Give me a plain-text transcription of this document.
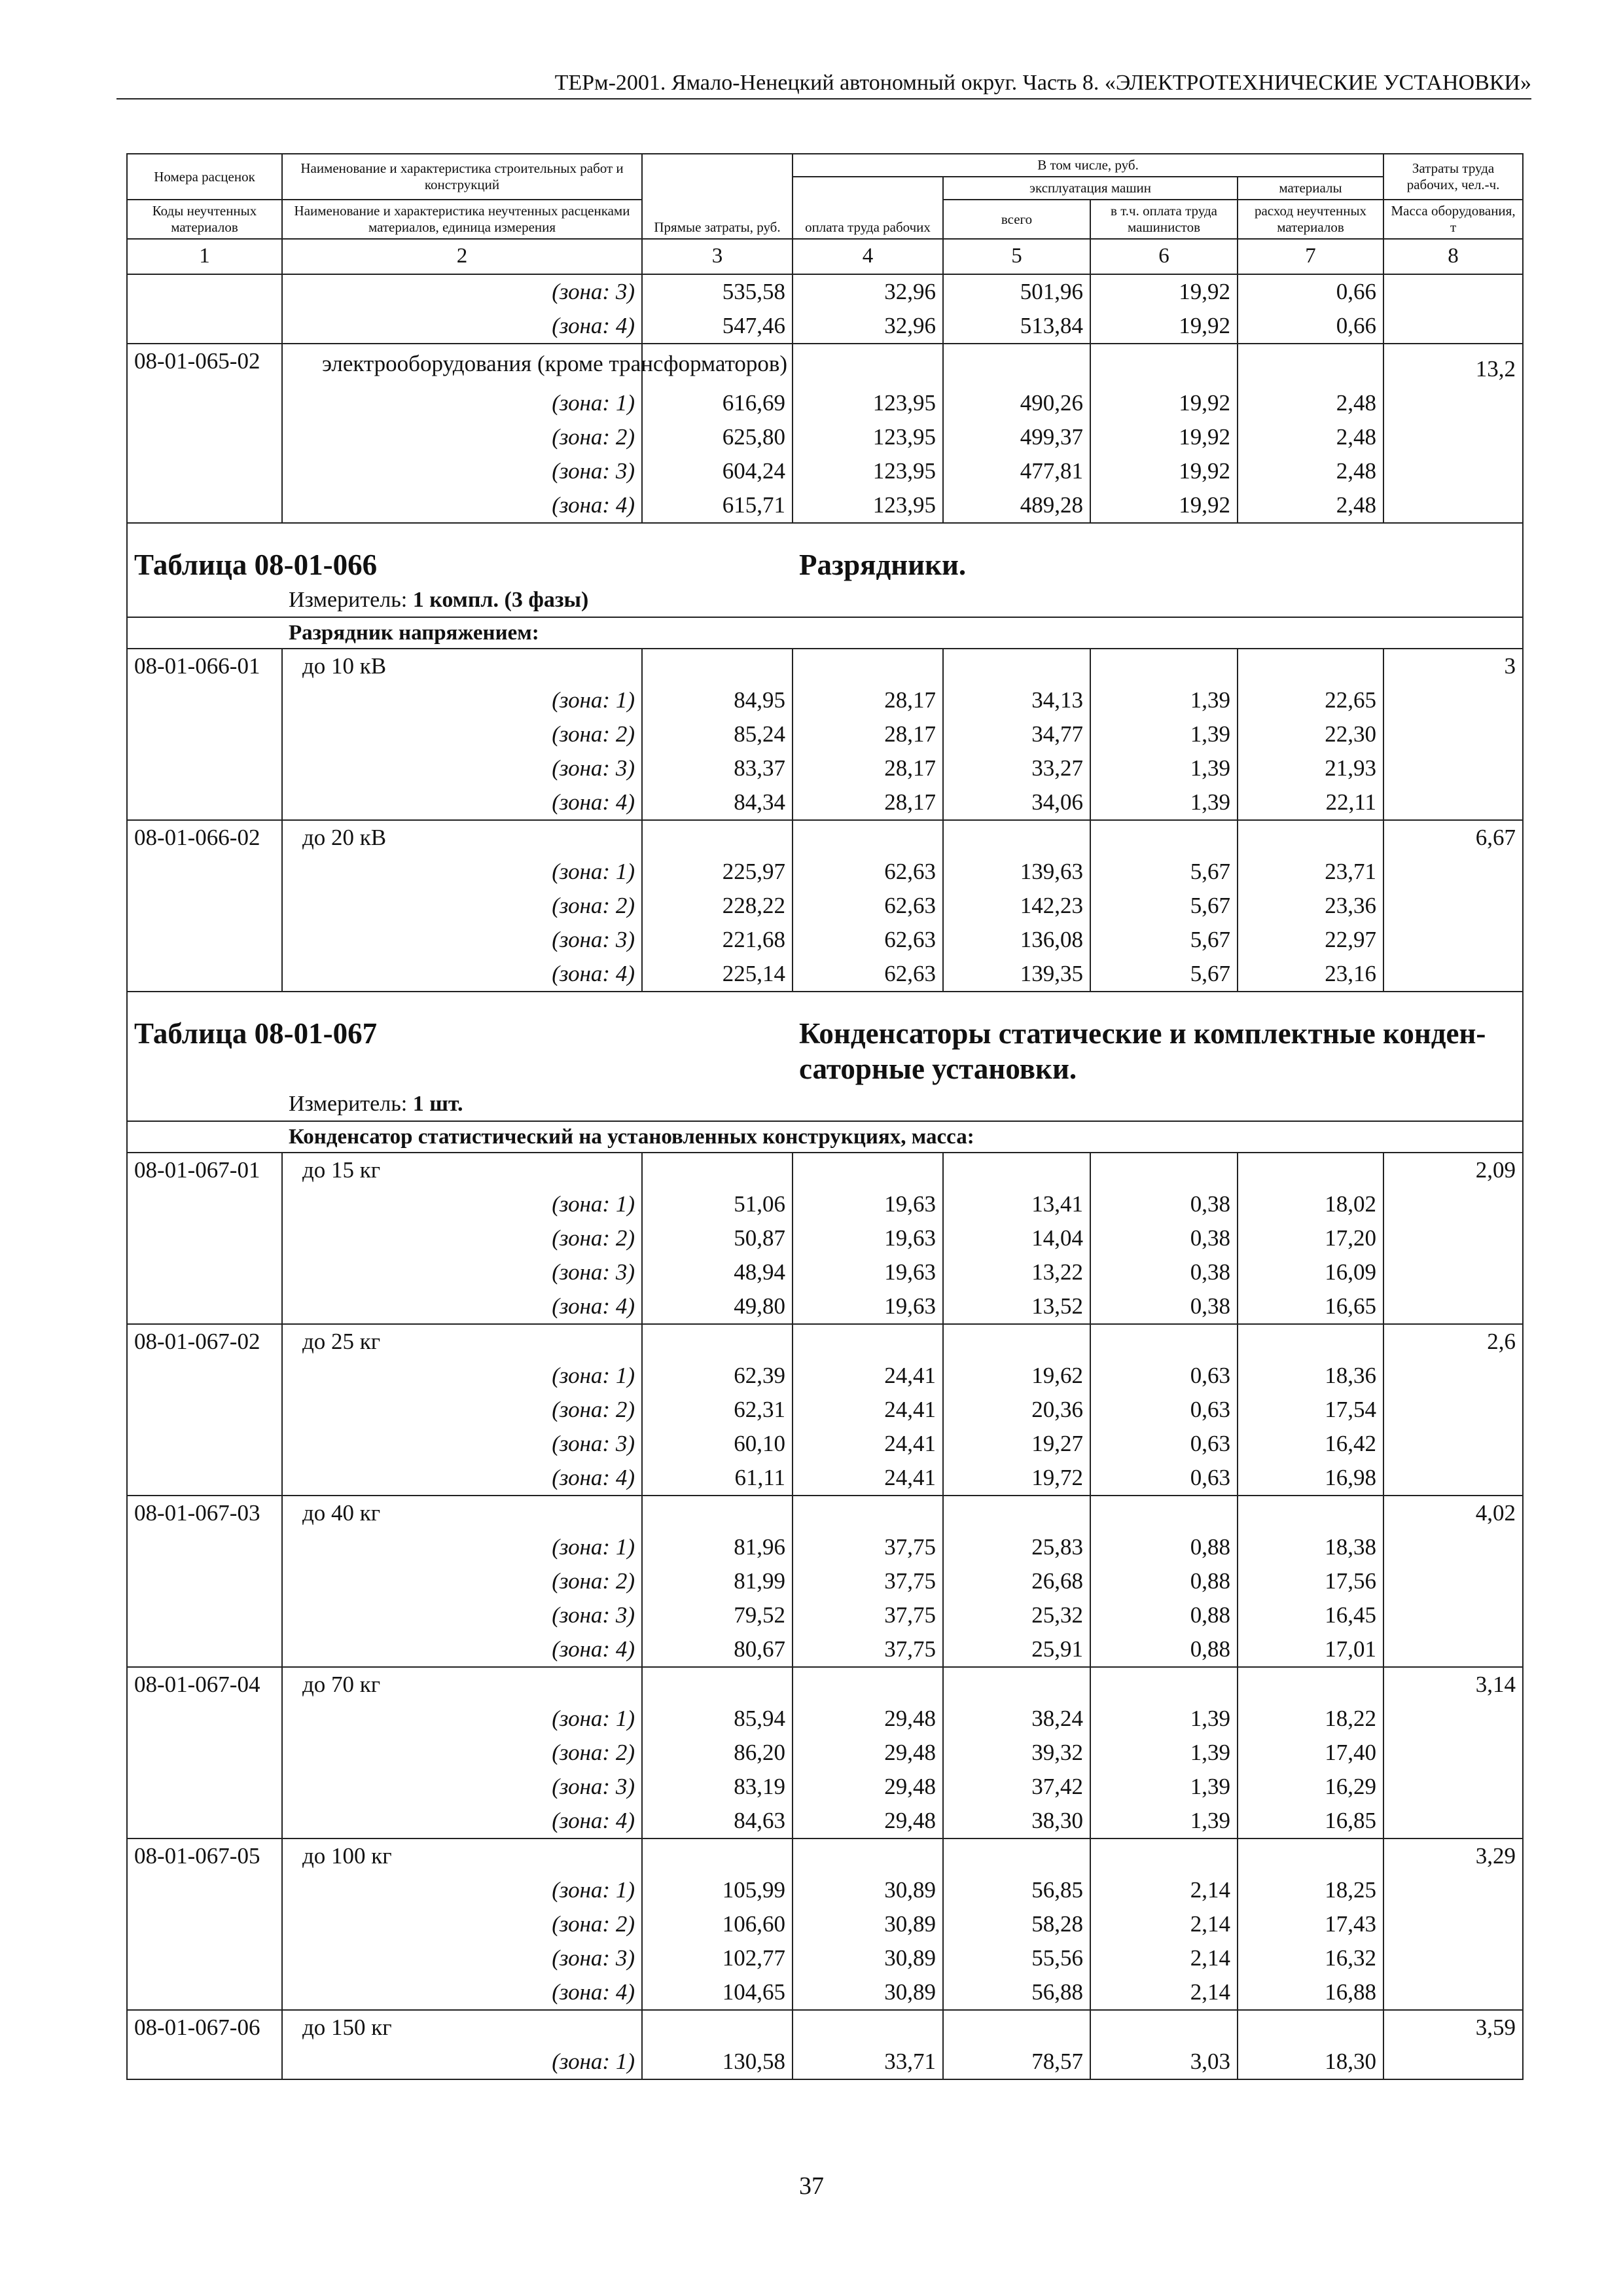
ТЕРм-2001. Ямало-Ненецкий автономный округ. Часть 8. «ЭЛЕКТРОТЕХНИЧЕСКИЕ УСТАНОВКИ»
Номера расценок	Наименование и характеристика строительных работ и конструкций	Прямые затраты, руб.	В том числе, руб.				Затраты труда рабочих, чел.-ч.
			оплата труда рабочих	эксплуатация машин		материалы	
Коды неучтенных материалов	Наименование и характеристика неучтенных расценками материалов, единица измерения			всего	в т.ч. оплата труда машинистов	расход неучтенных материалов	Масса оборудования, т
1	2	3	4	5	6	7	8
	(зона: 3)	535,58	32,96	501,96	19,92	0,66	
	(зона: 4)	547,46	32,96	513,84	19,92	0,66	
08-01-065-02	электрооборудования (кроме трансформаторов)						13,2
	(зона: 1)	616,69	123,95	490,26	19,92	2,48	
	(зона: 2)	625,80	123,95	499,37	19,92	2,48	
	(зона: 3)	604,24	123,95	477,81	19,92	2,48	
	(зона: 4)	615,71	123,95	489,28	19,92	2,48	

Таблица 08-01-066			Разрядники.				

	Измеритель: 1 компл. (3 фазы)						
	Разрядник напряжением:						
08-01-066-01	до 10 кВ						3
	(зона: 1)	84,95	28,17	34,13	1,39	22,65	
	(зона: 2)	85,24	28,17	34,77	1,39	22,30	
	(зона: 3)	83,37	28,17	33,27	1,39	21,93	
	(зона: 4)	84,34	28,17	34,06	1,39	22,11	
08-01-066-02	до 20 кВ						6,67
	(зона: 1)	225,97	62,63	139,63	5,67	23,71	
	(зона: 2)	228,22	62,63	142,23	5,67	23,36	
	(зона: 3)	221,68	62,63	136,08	5,67	22,97	
	(зона: 4)	225,14	62,63	139,35	5,67	23,16	

Таблица 08-01-067			Конденсаторы статические и комплектные конден-
саторные установки.				

	Измеритель: 1 шт.						
	Конденсатор статистический на установленных конструкциях, масса:						
08-01-067-01	до 15 кг						2,09
	(зона: 1)	51,06	19,63	13,41	0,38	18,02	
	(зона: 2)	50,87	19,63	14,04	0,38	17,20	
	(зона: 3)	48,94	19,63	13,22	0,38	16,09	
	(зона: 4)	49,80	19,63	13,52	0,38	16,65	
08-01-067-02	до 25 кг						2,6
	(зона: 1)	62,39	24,41	19,62	0,63	18,36	
	(зона: 2)	62,31	24,41	20,36	0,63	17,54	
	(зона: 3)	60,10	24,41	19,27	0,63	16,42	
	(зона: 4)	61,11	24,41	19,72	0,63	16,98	
08-01-067-03	до 40 кг						4,02
	(зона: 1)	81,96	37,75	25,83	0,88	18,38	
	(зона: 2)	81,99	37,75	26,68	0,88	17,56	
	(зона: 3)	79,52	37,75	25,32	0,88	16,45	
	(зона: 4)	80,67	37,75	25,91	0,88	17,01	
08-01-067-04	до 70 кг						3,14
	(зона: 1)	85,94	29,48	38,24	1,39	18,22	
	(зона: 2)	86,20	29,48	39,32	1,39	17,40	
	(зона: 3)	83,19	29,48	37,42	1,39	16,29	
	(зона: 4)	84,63	29,48	38,30	1,39	16,85	
08-01-067-05	до 100 кг						3,29
	(зона: 1)	105,99	30,89	56,85	2,14	18,25	
	(зона: 2)	106,60	30,89	58,28	2,14	17,43	
	(зона: 3)	102,77	30,89	55,56	2,14	16,32	
	(зона: 4)	104,65	30,89	56,88	2,14	16,88	
08-01-067-06	до 150 кг						3,59
	(зона: 1)	130,58	33,71	78,57	3,03	18,30	
37
